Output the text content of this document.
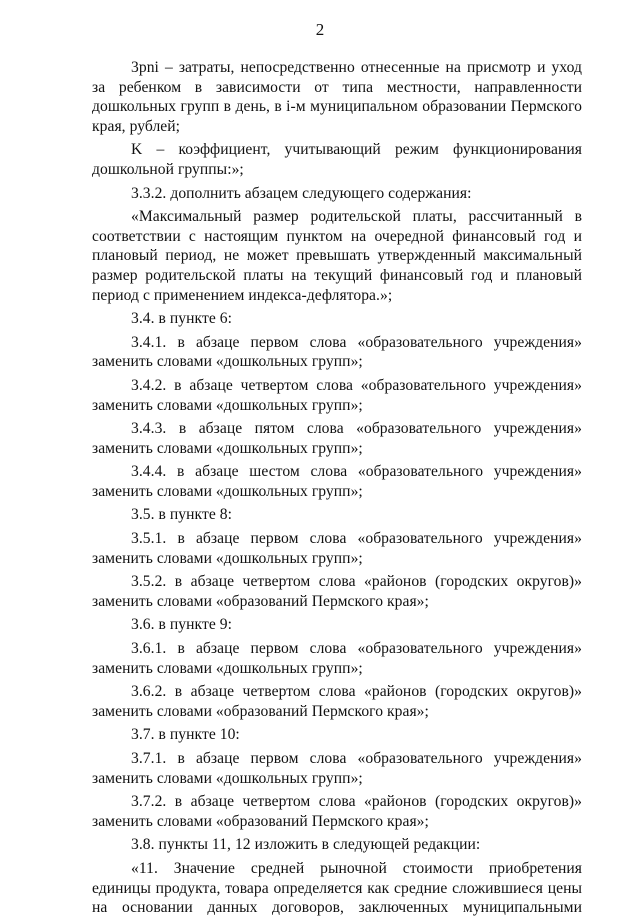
2

3pni – затраты, непосредственно отнесенные на присмотр и уход за ребенком в зависимости от типа местности, направленности дошкольных групп в день, в i-м муниципальном образовании Пермского края, рублей;

K – коэффициент, учитывающий режим функционирования дошкольной группы:»;

3.3.2. дополнить абзацем следующего содержания:

«Максимальный размер родительской платы, рассчитанный в соответствии с настоящим пунктом на очередной финансовый год и плановый период, не может превышать утвержденный максимальный размер родительской платы на текущий финансовый год и плановый период с применением индекса-дефлятора.»;

3.4. в пункте 6:

3.4.1. в абзаце первом слова «образовательного учреждения» заменить словами «дошкольных групп»;

3.4.2. в абзаце четвертом слова «образовательного учреждения» заменить словами «дошкольных групп»;

3.4.3. в абзаце пятом слова «образовательного учреждения» заменить словами «дошкольных групп»;

3.4.4. в абзаце шестом слова «образовательного учреждения» заменить словами «дошкольных групп»;

3.5. в пункте 8:

3.5.1. в абзаце первом слова «образовательного учреждения» заменить словами «дошкольных групп»;

3.5.2. в абзаце четвертом слова «районов (городских округов)» заменить словами «образований Пермского края»;

3.6. в пункте 9:

3.6.1. в абзаце первом слова «образовательного учреждения» заменить словами «дошкольных групп»;

3.6.2. в абзаце четвертом слова «районов (городских округов)» заменить словами «образований Пермского края»;

3.7. в пункте 10:

3.7.1. в абзаце первом слова «образовательного учреждения» заменить словами «дошкольных групп»;

3.7.2. в абзаце четвертом слова «районов (городских округов)» заменить словами «образований Пермского края»;

3.8. пункты 11, 12 изложить в следующей редакции:

«11. Значение средней рыночной стоимости приобретения единицы продукта, товара определяется как средние сложившиеся цены на основании данных договоров, заключенных муниципальными
